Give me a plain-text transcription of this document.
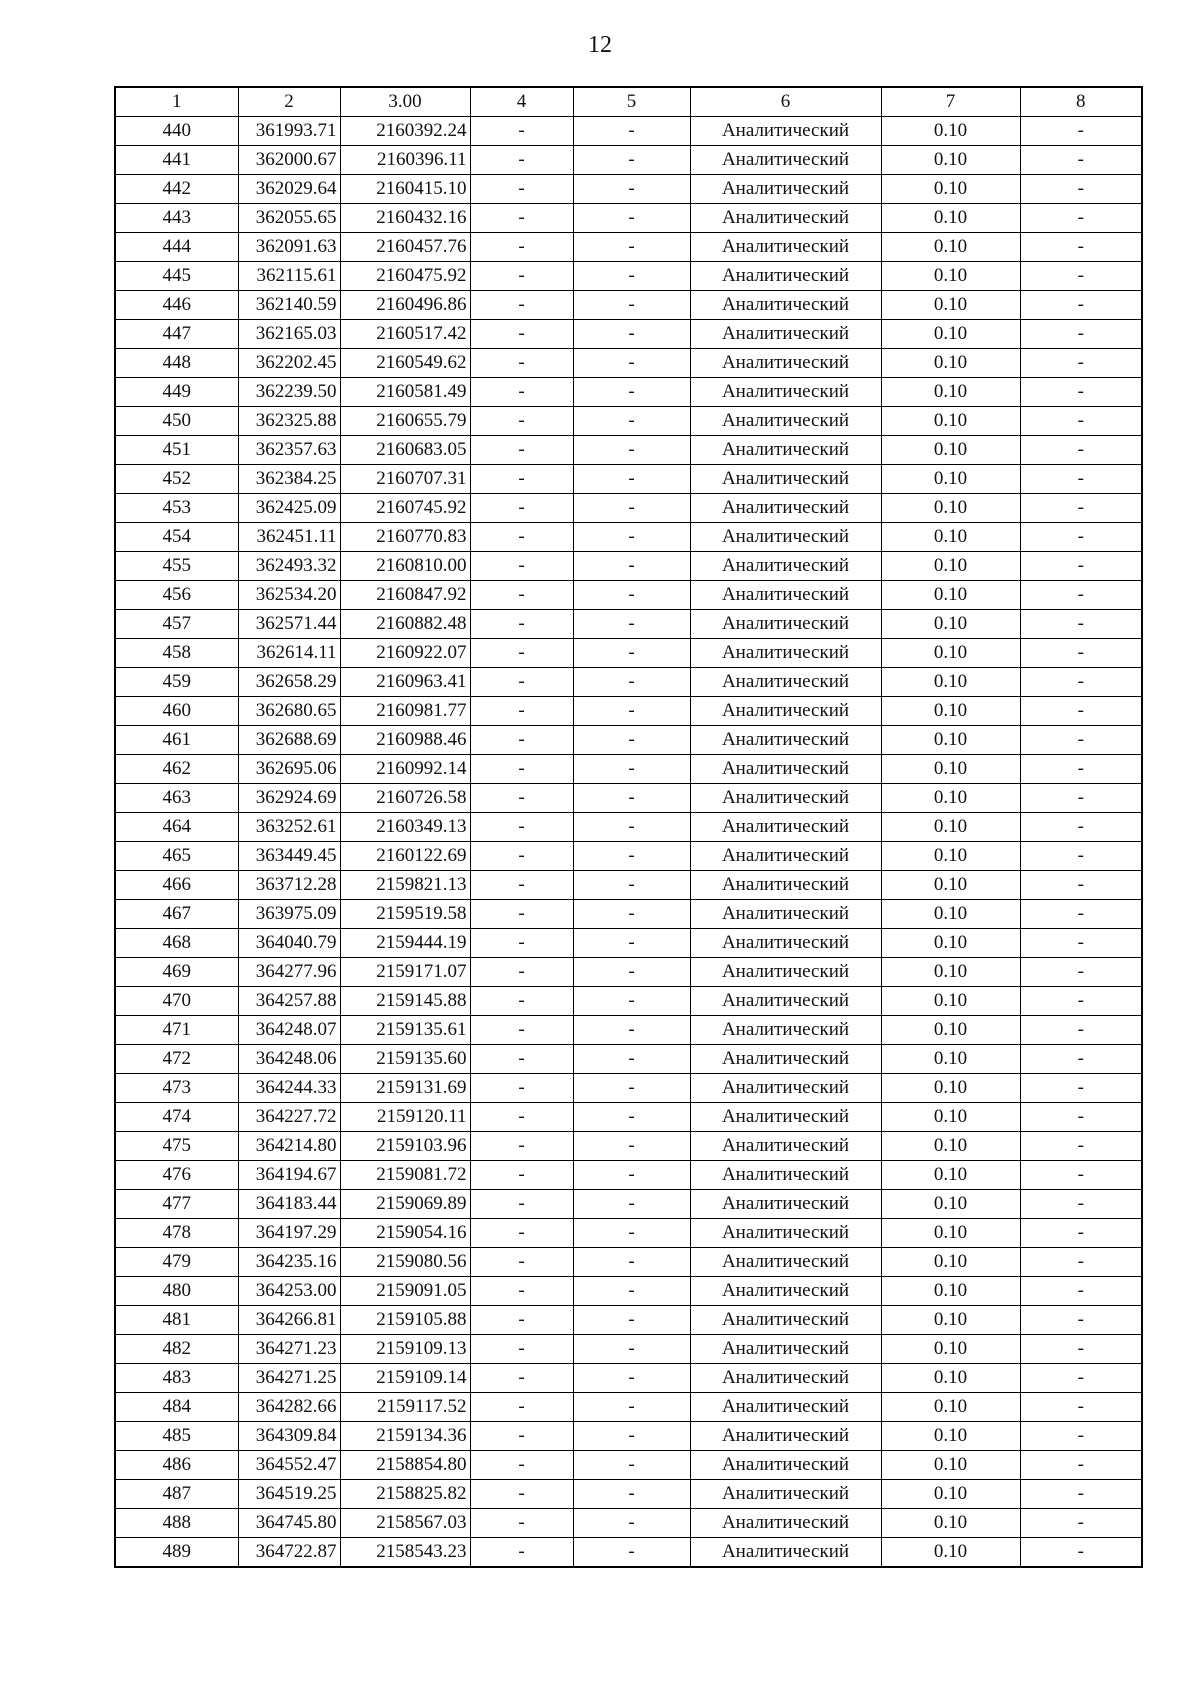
12
1	2	3.00	4	5	6	7	8
440	361993.71	2160392.24	-	-	Аналитический	0.10	-
441	362000.67	2160396.11	-	-	Аналитический	0.10	-
442	362029.64	2160415.10	-	-	Аналитический	0.10	-
443	362055.65	2160432.16	-	-	Аналитический	0.10	-
444	362091.63	2160457.76	-	-	Аналитический	0.10	-
445	362115.61	2160475.92	-	-	Аналитический	0.10	-
446	362140.59	2160496.86	-	-	Аналитический	0.10	-
447	362165.03	2160517.42	-	-	Аналитический	0.10	-
448	362202.45	2160549.62	-	-	Аналитический	0.10	-
449	362239.50	2160581.49	-	-	Аналитический	0.10	-
450	362325.88	2160655.79	-	-	Аналитический	0.10	-
451	362357.63	2160683.05	-	-	Аналитический	0.10	-
452	362384.25	2160707.31	-	-	Аналитический	0.10	-
453	362425.09	2160745.92	-	-	Аналитический	0.10	-
454	362451.11	2160770.83	-	-	Аналитический	0.10	-
455	362493.32	2160810.00	-	-	Аналитический	0.10	-
456	362534.20	2160847.92	-	-	Аналитический	0.10	-
457	362571.44	2160882.48	-	-	Аналитический	0.10	-
458	362614.11	2160922.07	-	-	Аналитический	0.10	-
459	362658.29	2160963.41	-	-	Аналитический	0.10	-
460	362680.65	2160981.77	-	-	Аналитический	0.10	-
461	362688.69	2160988.46	-	-	Аналитический	0.10	-
462	362695.06	2160992.14	-	-	Аналитический	0.10	-
463	362924.69	2160726.58	-	-	Аналитический	0.10	-
464	363252.61	2160349.13	-	-	Аналитический	0.10	-
465	363449.45	2160122.69	-	-	Аналитический	0.10	-
466	363712.28	2159821.13	-	-	Аналитический	0.10	-
467	363975.09	2159519.58	-	-	Аналитический	0.10	-
468	364040.79	2159444.19	-	-	Аналитический	0.10	-
469	364277.96	2159171.07	-	-	Аналитический	0.10	-
470	364257.88	2159145.88	-	-	Аналитический	0.10	-
471	364248.07	2159135.61	-	-	Аналитический	0.10	-
472	364248.06	2159135.60	-	-	Аналитический	0.10	-
473	364244.33	2159131.69	-	-	Аналитический	0.10	-
474	364227.72	2159120.11	-	-	Аналитический	0.10	-
475	364214.80	2159103.96	-	-	Аналитический	0.10	-
476	364194.67	2159081.72	-	-	Аналитический	0.10	-
477	364183.44	2159069.89	-	-	Аналитический	0.10	-
478	364197.29	2159054.16	-	-	Аналитический	0.10	-
479	364235.16	2159080.56	-	-	Аналитический	0.10	-
480	364253.00	2159091.05	-	-	Аналитический	0.10	-
481	364266.81	2159105.88	-	-	Аналитический	0.10	-
482	364271.23	2159109.13	-	-	Аналитический	0.10	-
483	364271.25	2159109.14	-	-	Аналитический	0.10	-
484	364282.66	2159117.52	-	-	Аналитический	0.10	-
485	364309.84	2159134.36	-	-	Аналитический	0.10	-
486	364552.47	2158854.80	-	-	Аналитический	0.10	-
487	364519.25	2158825.82	-	-	Аналитический	0.10	-
488	364745.80	2158567.03	-	-	Аналитический	0.10	-
489	364722.87	2158543.23	-	-	Аналитический	0.10	-
